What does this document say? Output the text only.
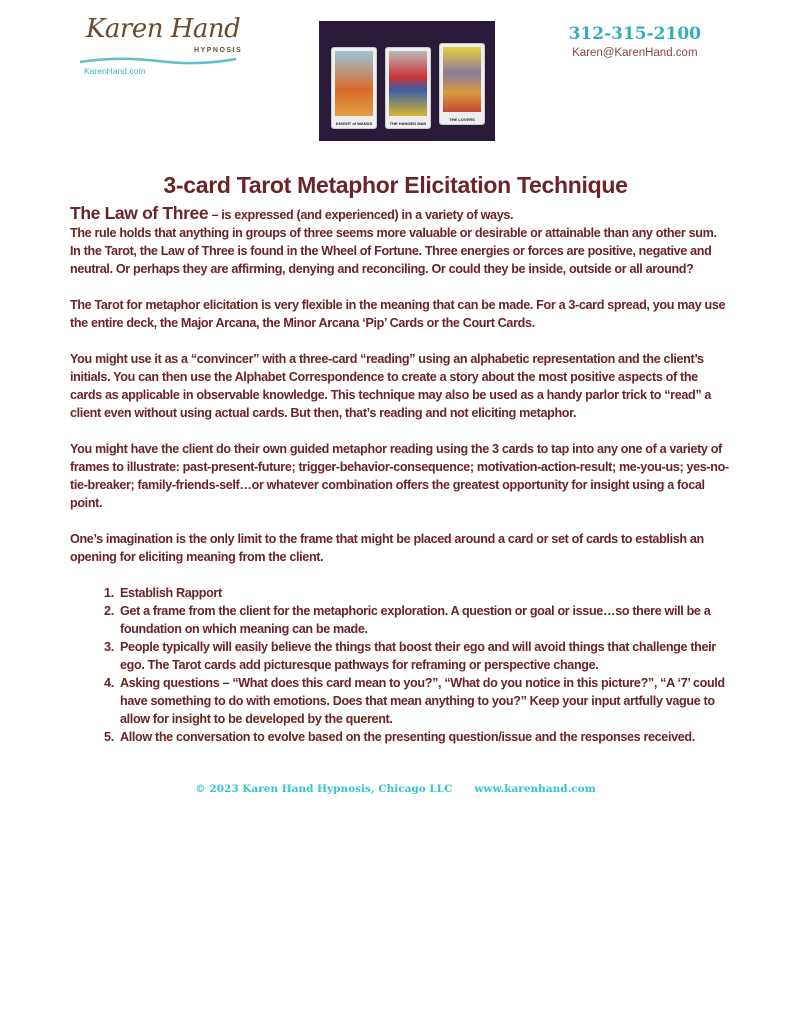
Karen Hand
HYPNOSIS
KarenHand.com
KNIGHT of WANDS	THE HANGED MAN
THE LOVERS
312-315-2100
Karen@KarenHand.com
3-card Tarot Metaphor Elicitation Technique
The Law of Three – is expressed (and experienced) in a variety of ways.
The rule holds that anything in groups of three seems more valuable or desirable or attainable than any other sum.

In the Tarot, the Law of Three is found in the Wheel of Fortune. Three energies or forces are positive, negative and neutral. Or perhaps they are affirming, denying and reconciling. Or could they be inside, outside or all around?

The Tarot for metaphor elicitation is very flexible in the meaning that can be made. For a 3-card spread, you may use the entire deck, the Major Arcana, the Minor Arcana ‘Pip’ Cards or the Court Cards.

You might use it as a “convincer” with a three-card “reading” using an alphabetic representation and the client’s initials. You can then use the Alphabet Correspondence to create a story about the most positive aspects of the cards as applicable in observable knowledge. This technique may also be used as a handy parlor trick to “read” a client even without using actual cards. But then, that’s reading and not eliciting metaphor.

You might have the client do their own guided metaphor reading using the 3 cards to tap into any one of a variety of frames to illustrate: past-present-future; trigger-behavior-consequence; motivation-action-result; me-you-us; yes-no-tie-breaker; family-friends-self…or whatever combination offers the greatest opportunity for insight using a focal point.

One’s imagination is the only limit to the frame that might be placed around a card or set of cards to establish an opening for eliciting meaning from the client.

1. Establish Rapport
2. Get a frame from the client for the metaphoric exploration. A question or goal or issue…so there will be a foundation on which meaning can be made.
3. People typically will easily believe the things that boost their ego and will avoid things that challenge their ego. The Tarot cards add picturesque pathways for reframing or perspective change.
4. Asking questions – “What does this card mean to you?”, “What do you notice in this picture?”, “A ‘7’ could have something to do with emotions. Does that mean anything to you?” Keep your input artfully vague to allow for insight to be developed by the querent.
5. Allow the conversation to evolve based on the presenting question/issue and the responses received.
© 2023 Karen Hand Hypnosis, Chicago LLC www.karenhand.com
